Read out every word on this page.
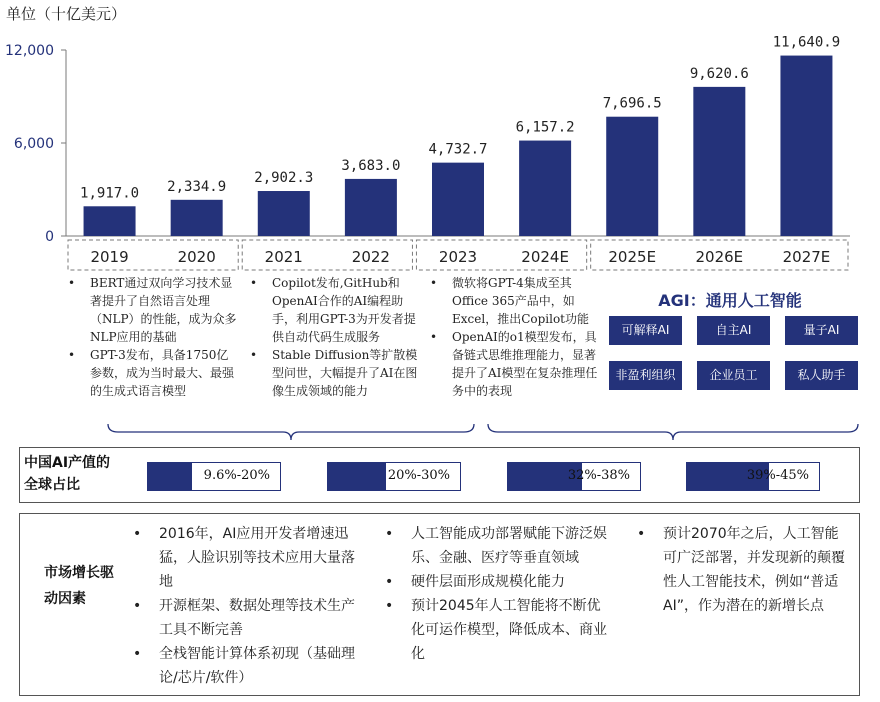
单位（十亿美元）
0
6,000
12,000
1,917.0
2019
2,334.9
2020
2,902.3
2021
3,683.0
2022
4,732.7
2023
6,157.2
2024E
7,696.5
2025E
9,620.6
2026E
11,640.9
2027E
• BERT通过双向学习技术显著提升了自然语言处理（NLP）的性能，成为众多NLP应用的基础
• GPT-3发布，具备1750亿参数，成为当时最大、最强的生成式语言模型
• Copilot发布,GitHub和OpenAI合作的AI编程助手，利用GPT-3为开发者提供自动代码生成服务
• Stable Diffusion等扩散模型问世，大幅提升了AI在图像生成领域的能力
• 微软将GPT-4集成至其Office 365产品中，如Excel，推出Copilot功能
• OpenAI的o1模型发布，具备链式思维推理能力，显著提升了AI模型在复杂推理任务中的表现
AGI：通用人工智能
可解释AI	自主AI	量子AI
非盈利组织	企业员工	私人助手
中国AI产值的全球占比
9.6%-20%	20%-30%	32%-38%	39%-45%
市场增长驱动因素
• 2016年，AI应用开发者增速迅猛，人脸识别等技术应用大量落地
• 开源框架、数据处理等技术生产工具不断完善
• 全栈智能计算体系初现（基础理论/芯片/软件）
• 人工智能成功部署赋能下游泛娱乐、金融、医疗等垂直领域
• 硬件层面形成规模化能力
• 预计2045年人工智能将不断优化可运作模型，降低成本、商业化
• 预计2070年之后，人工智能可广泛部署，并发现新的颠覆性人工智能技术，例如“普适AI”，作为潜在的新增长点
